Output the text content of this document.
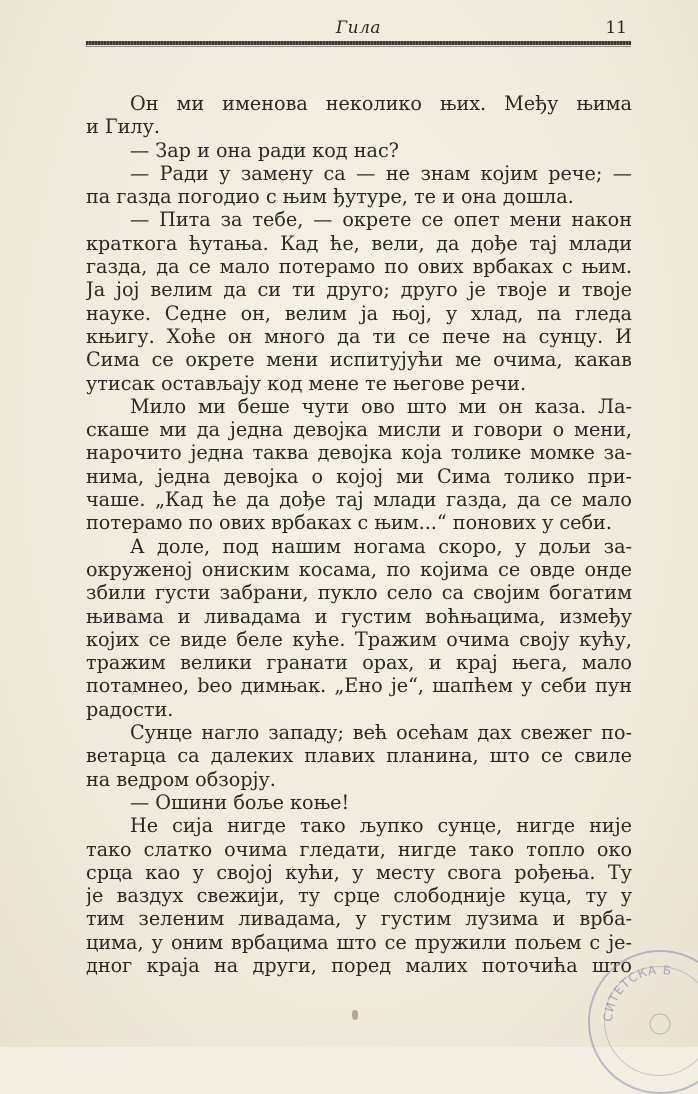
Гила	11
Он ми именова неколико њих. Међу њима
и Гилу.
— Зар и она ради код нас?
— Ради у замену са — не знам којим рече; —
па газда погодио с њим ђутуре, те и она дошла.
— Пита за тебе, — окрете се опет мени након
краткога ћутања. Кад ће, вели, да дође тај млади
газда, да се мало потерамо по ових врбаках с њим.
Ја јој велим да си ти друго; друго је твоје и твоје
науке. Седне он, велим ја њој, у хлад, па гледа
књигу. Хоће он много да ти се пече на сунцу. И
Сима се окрете мени испитујући ме очима, какав
утисак остављају код мене те његове речи.
Мило ми беше чути ово што ми он каза. Ла-
скаше ми да једна девојка мисли и говори о мени,
нарочито једна таква девојка која толике момке за-
нима, једна девојка о којој ми Сима толико при-
чаше. „Кад ће да дође тај млади газда, да се мало
потерамо по ових врбаках с њим...“ понових у себи.
А доле, под нашим ногама скоро, у дољи за-
окруженој ониским косама, по којима се овде онде
збили густи забрани, пукло село са својим богатим
њивама и ливадама и густим воћњацима, између
којих се виде беле куће. Тражим очима своју кућу,
тражим велики гранати орах, и крај њега, мало
потамнео, beo димњак. „Ено је“, шапћем у себи пун
радости.
Сунце нагло западу; већ осећам дах свежег по-
ветарца са далеких плавих планина, што се свиле
на ведром обзорју.
— Ошини боље коње!
Не сија нигде тако љупко сунце, нигде није
тако слатко очима гледати, нигде тако топло око
срца као у својој кући, у месту свога рођења. Ту
је ваздух свежији, ту срце слободније куца, ту у
тим зеленим ливадама, у густим лузима и врба-
цима, у оним врбацима што се пружили пољем с је-
дног краја на други, поред малих поточића што
СИТЕТСКА Б
